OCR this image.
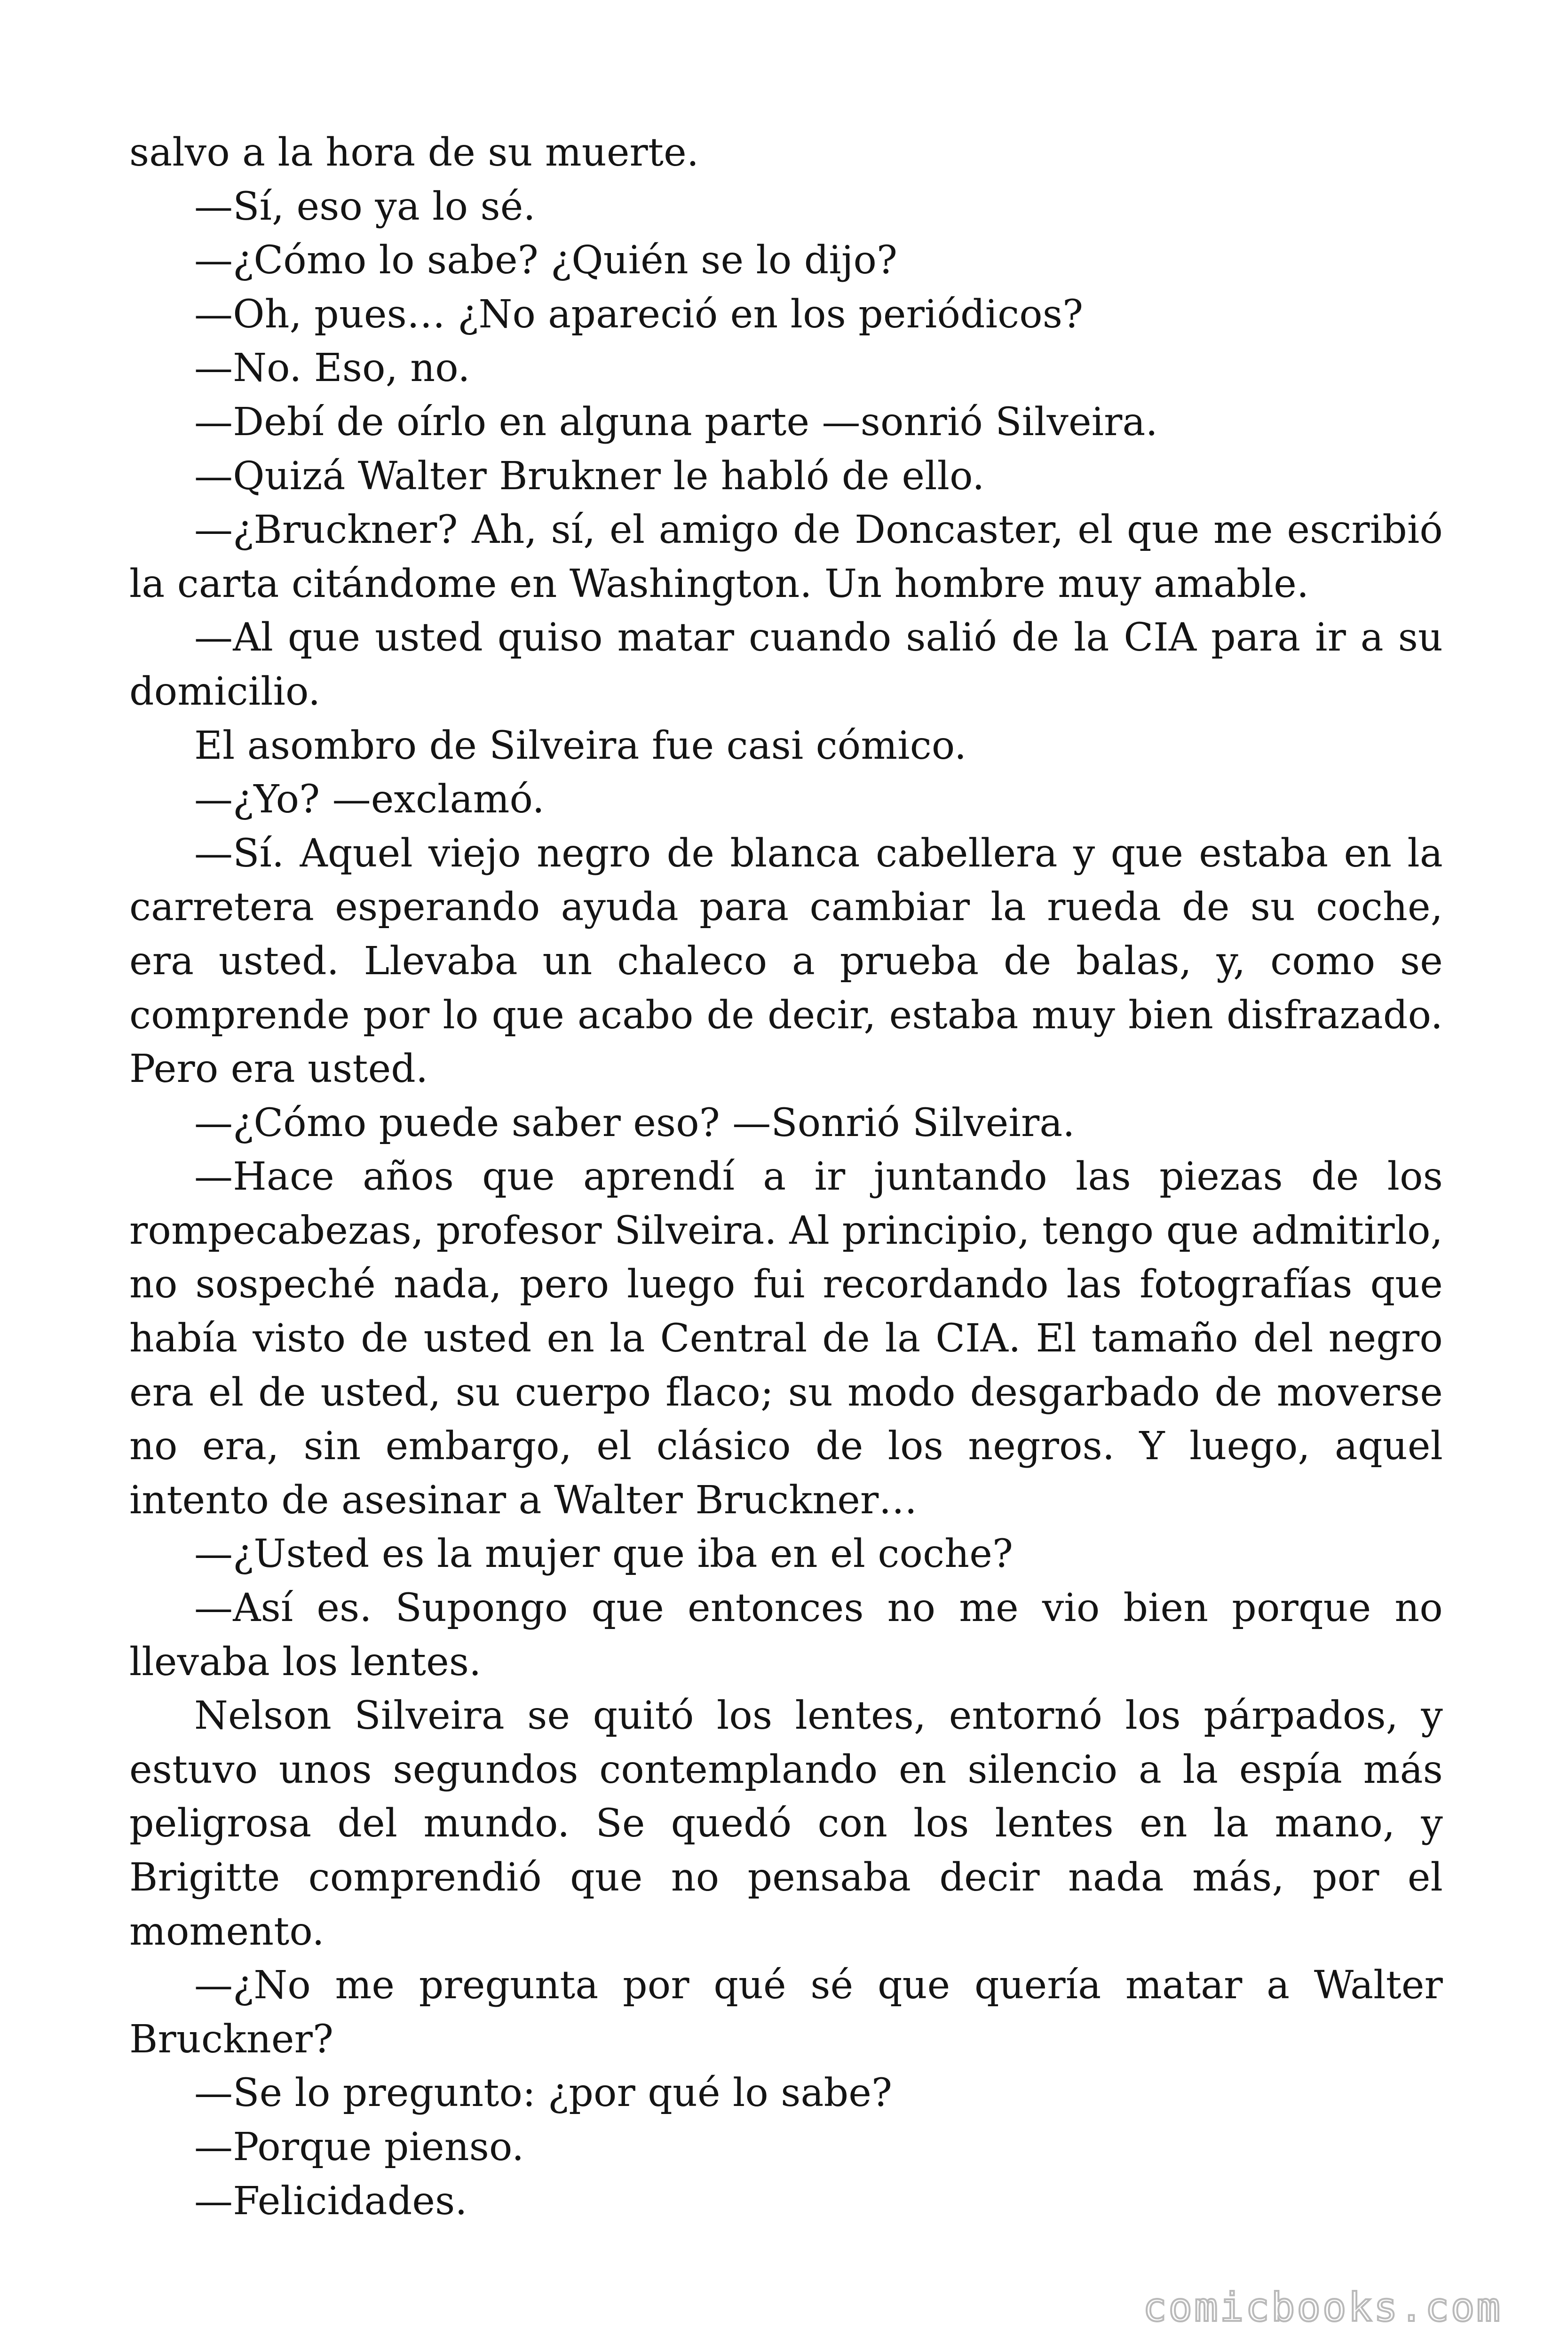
salvo a la hora de su muerte.

—Sí, eso ya lo sé.

—¿Cómo lo sabe? ¿Quién se lo dijo?

—Oh, pues… ¿No apareció en los periódicos?

—No. Eso, no.

—Debí de oírlo en alguna parte —sonrió Silveira.

—Quizá Walter Brukner le habló de ello.

—¿Bruckner? Ah, sí, el amigo de Doncaster, el que me escribió la carta citándome en Washington. Un hombre muy amable.

—Al que usted quiso matar cuando salió de la CIA para ir a su domicilio.

El asombro de Silveira fue casi cómico.

—¿Yo? —exclamó.

—Sí. Aquel viejo negro de blanca cabellera y que estaba en la carretera esperando ayuda para cambiar la rueda de su coche, era usted. Llevaba un chaleco a prueba de balas, y, como se comprende por lo que acabo de decir, estaba muy bien disfrazado. Pero era usted.

—¿Cómo puede saber eso? —Sonrió Silveira.

—Hace años que aprendí a ir juntando las piezas de los rompecabezas, profesor Silveira. Al principio, tengo que admitirlo, no sospeché nada, pero luego fui recordando las fotografías que había visto de usted en la Central de la CIA. El tamaño del negro era el de usted, su cuerpo flaco; su modo desgarbado de moverse no era, sin embargo, el clásico de los negros. Y luego, aquel intento de asesinar a Walter Bruckner…

—¿Usted es la mujer que iba en el coche?

—Así es. Supongo que entonces no me vio bien porque no llevaba los lentes.

Nelson Silveira se quitó los lentes, entornó los párpados, y estuvo unos segundos contemplando en silencio a la espía más peligrosa del mundo. Se quedó con los lentes en la mano, y Brigitte comprendió que no pensaba decir nada más, por el momento.

—¿No me pregunta por qué sé que quería matar a Walter Bruckner?

—Se lo pregunto: ¿por qué lo sabe?

—Porque pienso.

—Felicidades.

comicbooks.com
